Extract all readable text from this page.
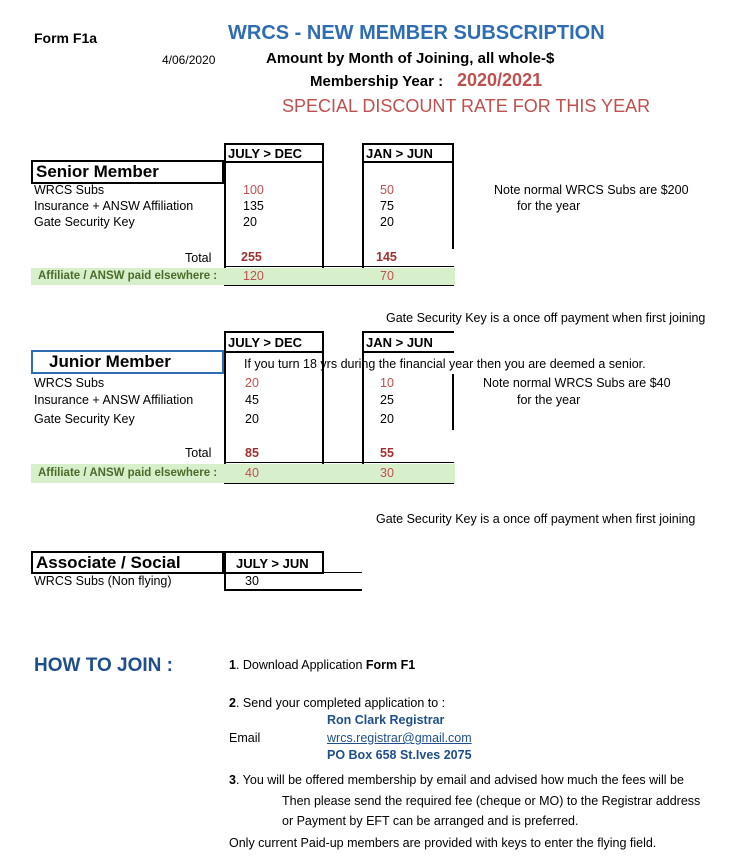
Form F1a	WRCS - NEW MEMBER SUBSCRIPTION
4/06/2020	Amount by Month of Joining, all whole-$
Membership Year : 2020/2021
SPECIAL DISCOUNT RATE FOR THIS YEAR
JULY > DEC	JAN > JUN
Senior Member
WRCS Subs	100	50
Insurance + ANSW Affiliation	135	75
Gate Security Key	20	20
Note normal WRCS Subs are $200
for the year
Total 255	145
Affiliate / ANSW paid elsewhere : 120	70
Gate Security Key is a once off payment when first joining
JULY > DEC	JAN > JUN
Junior Member	If you turn 18 yrs during the financial year then you are deemed a senior.
WRCS Subs	20	10
Insurance + ANSW Affiliation	45	25
Gate Security Key	20	20
Note normal WRCS Subs are $40
for the year
Total	85	55
Affiliate / ANSW paid elsewhere : 40	30
Gate Security Key is a once off payment when first joining
Associate / Social	JULY > JUN
WRCS Subs (Non flying)	30
HOW TO JOIN :	1. Download Application Form F1
2. Send your completed application to :
Ron Clark Registrar
Email	wrcs.registrar@gmail.com
PO Box 658 St.Ives 2075
3. You will be offered membership by email and advised how much the fees will be
Then please send the required fee (cheque or MO) to the Registrar address
or Payment by EFT can be arranged and is preferred.
Only current Paid-up members are provided with keys to enter the flying field.
